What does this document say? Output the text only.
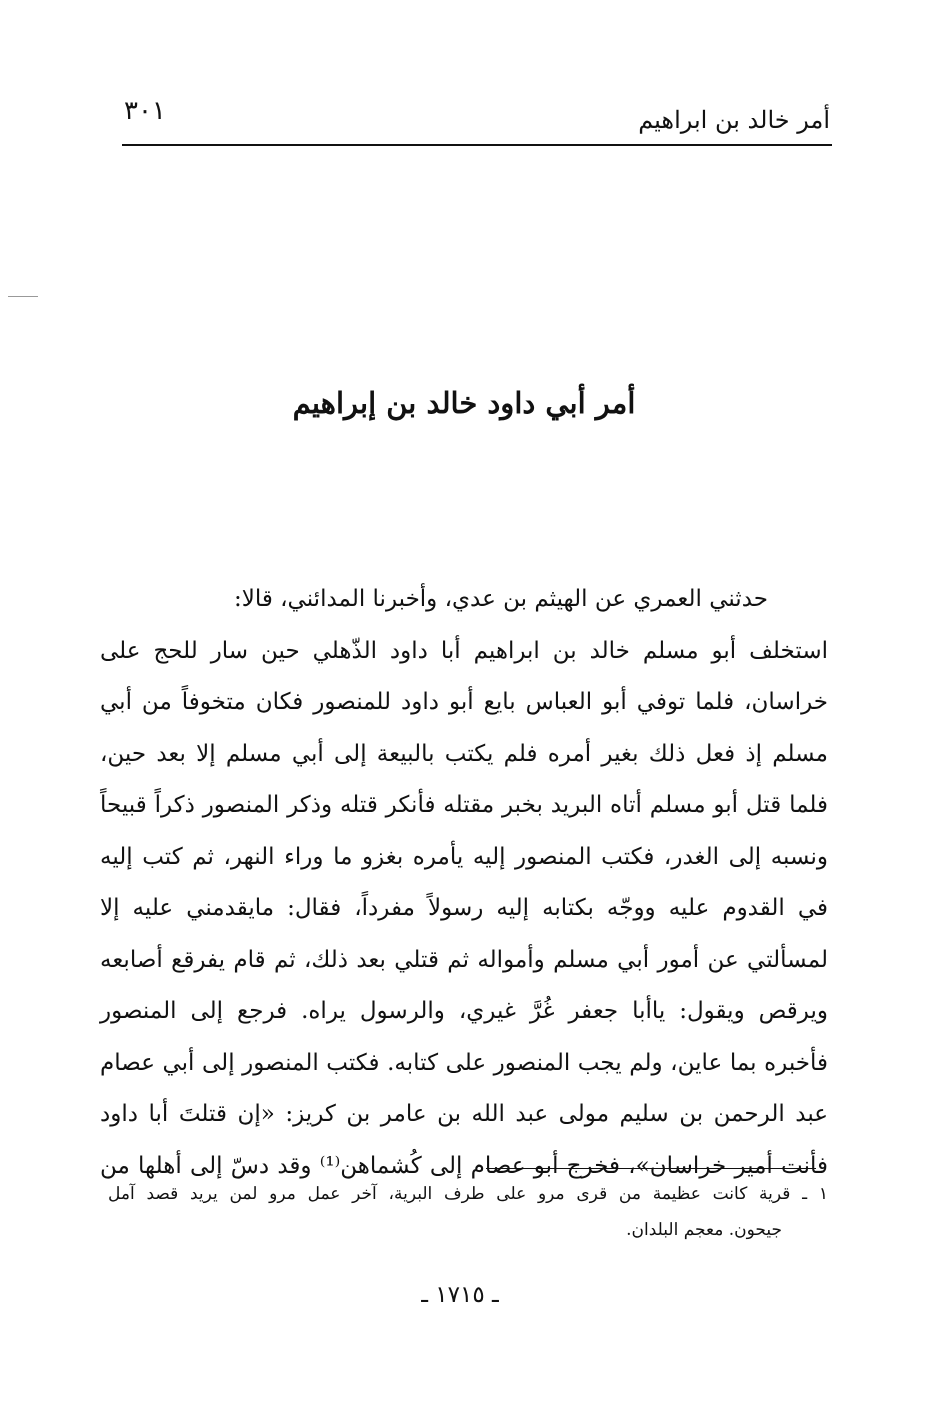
أمر خالد بن ابراهيم
٣٠١
أمر أبي داود خالد بن إبراهيم
حدثني العمري عن الهيثم بن عدي، وأخبرنا المدائني، قالا:
استخلف أبو مسلم خالد بن ابراهيم أبا داود الذّهلي حين سار للحج على
خراسان، فلما توفي أبو العباس بايع أبو داود للمنصور فكان متخوفاً من أبي
مسلم إذ فعل ذلك بغير أمره فلم يكتب بالبيعة إلى أبي مسلم إلا بعد حين،
فلما قتل أبو مسلم أتاه البريد بخبر مقتله فأنكر قتله وذكر المنصور ذكراً قبيحاً
ونسبه إلى الغدر، فكتب المنصور إليه يأمره بغزو ما وراء النهر، ثم كتب إليه
في القدوم عليه ووجّه بكتابه إليه رسولاً مفرداً، فقال: مايقدمني عليه إلا
لمسألتي عن أمور أبي مسلم وأمواله ثم قتلي بعد ذلك، ثم قام يفرقع أصابعه
ويرقص ويقول: ياأبا جعفر غُرَّ غيري، والرسول يراه. فرجع إلى المنصور
فأخبره بما عاين، ولم يجب المنصور على كتابه. فكتب المنصور إلى أبي عصام
عبد الرحمن بن سليم مولى عبد الله بن عامر بن كريز: «إن قتلتَ أبا داود
فأنت أمير خراسان»، فخرج أبو عصام إلى كُشماهن⁽¹⁾ وقد دسّ إلى أهلها من
١ ـ قرية كانت عظيمة من قرى مرو على طرف البرية، آخر عمل مرو لمن يريد قصد آمل
جيحون. معجم البلدان.
ـ ١٧١٥ ـ
